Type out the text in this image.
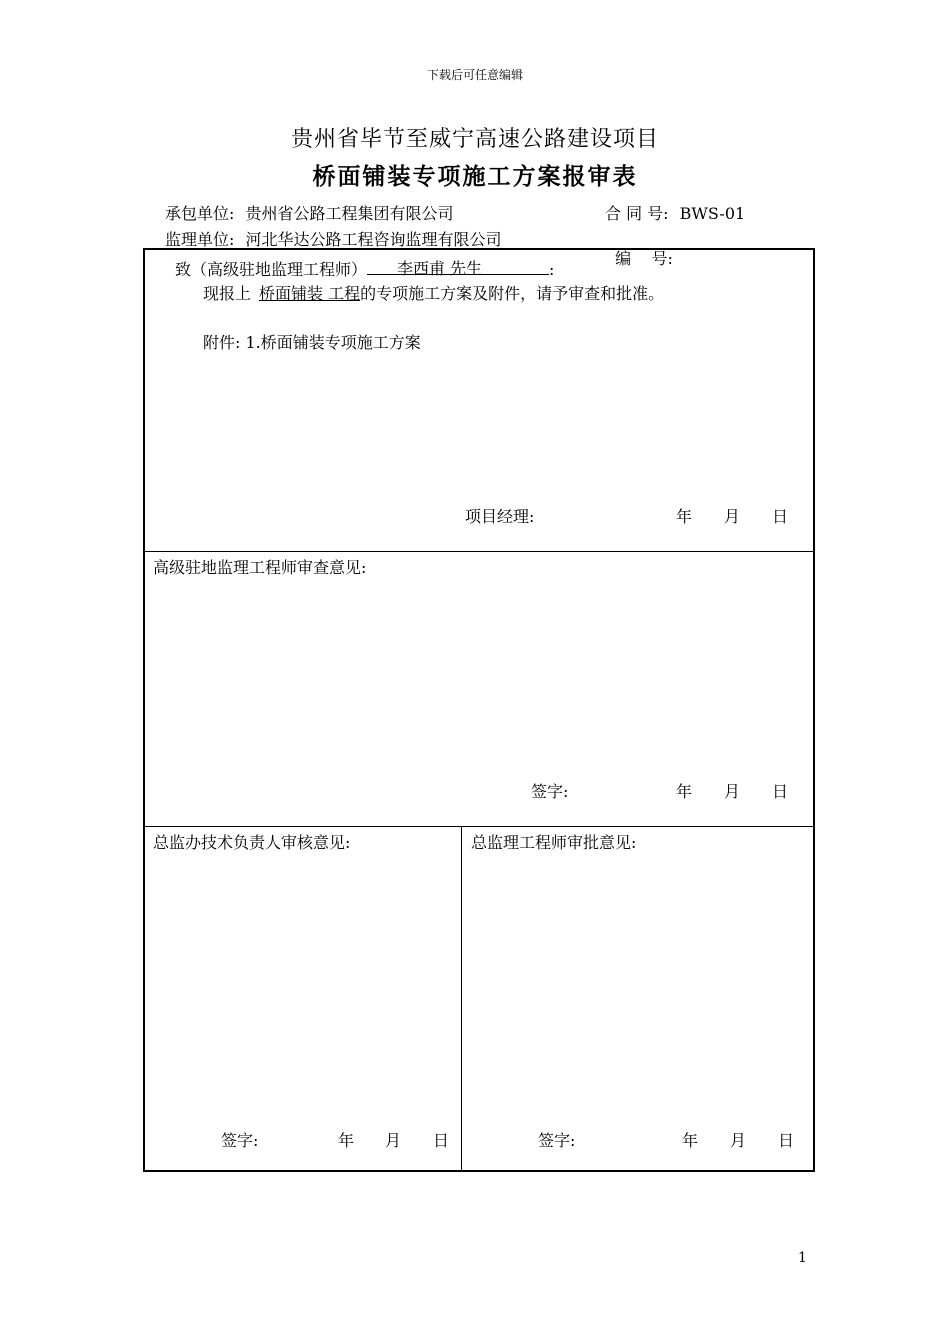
下载后可任意编辑
贵州省毕节至威宁高速公路建设项目
桥面铺装专项施工方案报审表
承包单位: 贵州省公路工程集团有限公司
监理单位: 河北华达公路工程咨询监理有限公司
合 同 号: BWS-01

编    号:

致（高级驻地监理工程师） 李西甫 先生	:
现报上 桥面铺装 工程的专项施工方案及附件，请予审查和批准。
附件: 1.桥面铺装专项施工方案
项目经理:	年 月 日
高级驻地监理工程师审查意见:
签字:	年 月 日
总监办技术负责人审核意见:
签字:	年 月 日
总监理工程师审批意见:
签字:	年 月 日
1
